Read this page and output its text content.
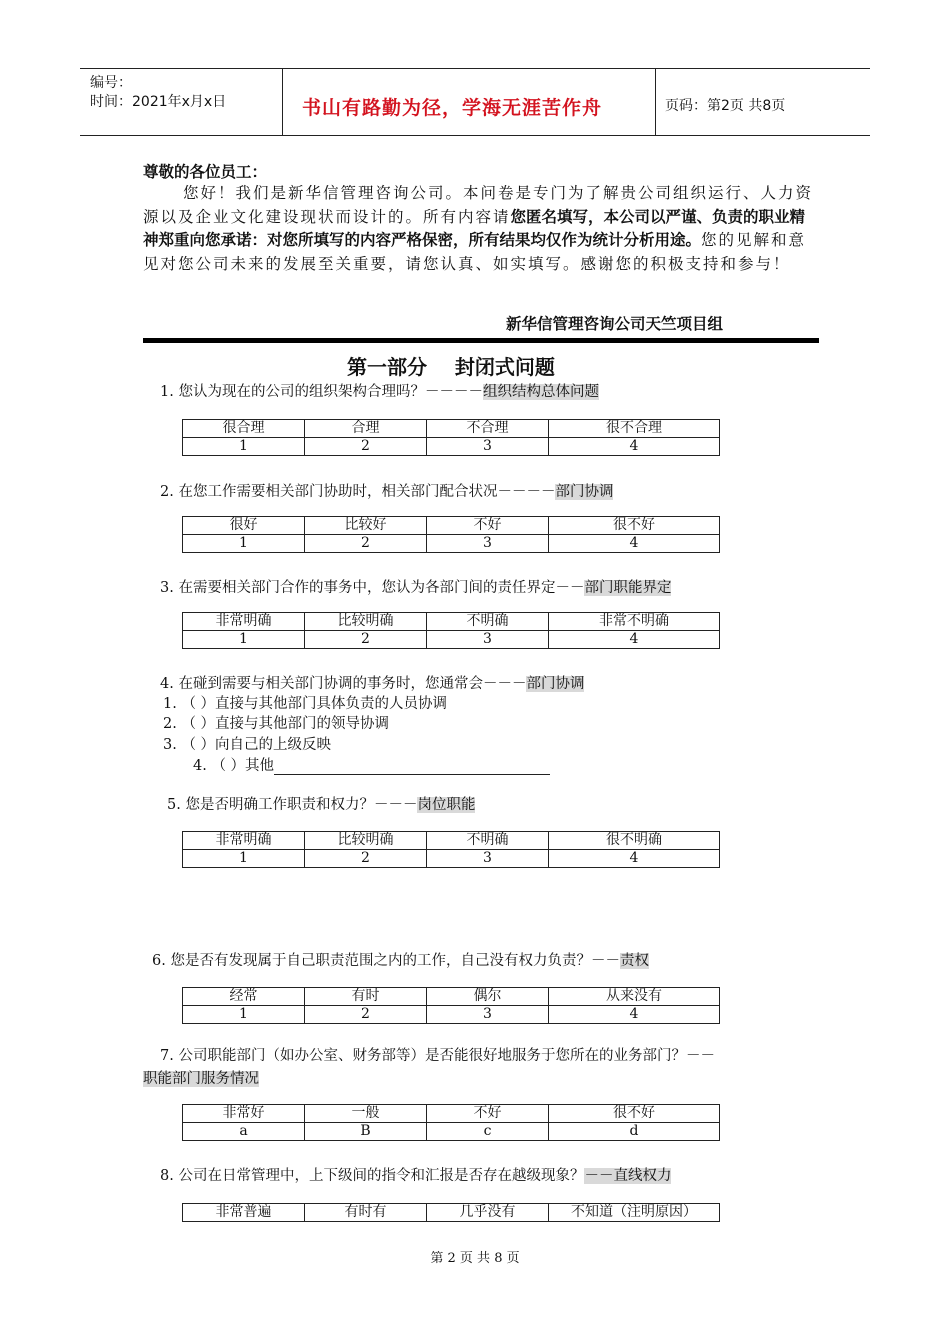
编号：
时间：2021年x月x日	书山有路勤为径，学海无涯苦作舟	页码：第2页 共8页
尊敬的各位员工：
您好！我们是新华信管理咨询公司。本问卷是专门为了解贵公司组织运行、人力资源以及企业文化建设现状而设计的。所有内容请您匿名填写，本公司以严谨、负责的职业精神郑重向您承诺：对您所填写的内容严格保密，所有结果均仅作为统计分析用途。您的见解和意见对您公司未来的发展至关重要，请您认真、如实填写。感谢您的积极支持和参与！
新华信管理咨询公司天竺项目组
第一部分    封闭式问题
1. 您认为现在的公司的组织架构合理吗？－－－－组织结构总体问题
很合理	合理	不合理	很不合理
1	2	3	4
2. 在您工作需要相关部门协助时，相关部门配合状况－－－－部门协调
很好	比较好	不好	很不好
1	2	3	4
3. 在需要相关部门合作的事务中，您认为各部门间的责任界定－－部门职能界定
非常明确	比较明确	不明确	非常不明确
1	2	3	4
4. 在碰到需要与相关部门协调的事务时，您通常会－－－部门协调
1. （ ）直接与其他部门具体负责的人员协调
2. （ ）直接与其他部门的领导协调
3. （ ）向自己的上级反映
4. （ ）其他
5. 您是否明确工作职责和权力？－－－岗位职能
非常明确	比较明确	不明确	很不明确
1	2	3	4
6. 您是否有发现属于自己职责范围之内的工作，自己没有权力负责？－－责权
经常	有时	偶尔	从来没有
1	2	3	4
7. 公司职能部门（如办公室、财务部等）是否能很好地服务于您所在的业务部门？－－
职能部门服务情况
非常好	一般	不好	很不好
a	B	c	d
8. 公司在日常管理中，上下级间的指令和汇报是否存在越级现象？－－直线权力
非常普遍	有时有	几乎没有	不知道（注明原因）
第 2 页 共 8 页
